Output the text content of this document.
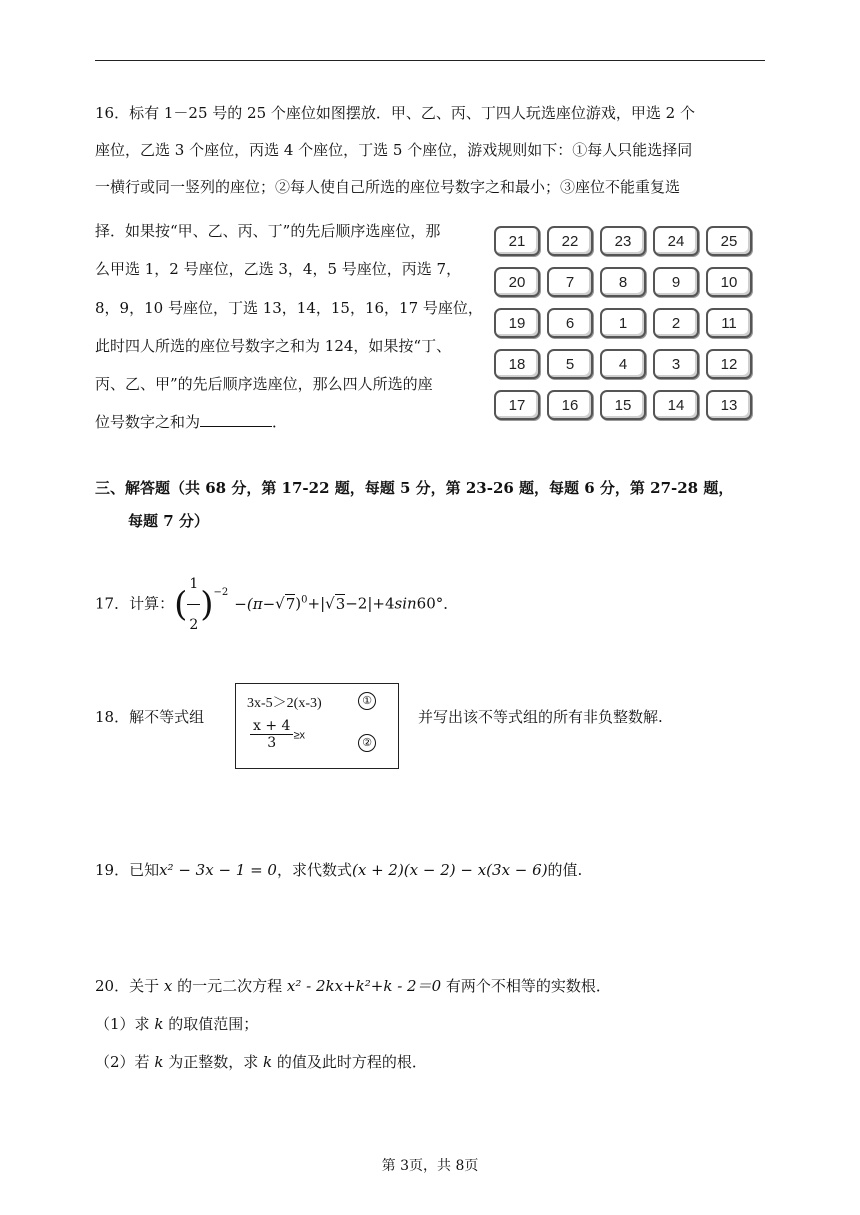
16．标有 1－25 号的 25 个座位如图摆放．甲、乙、丙、丁四人玩选座位游戏，甲选 2 个
座位，乙选 3 个座位，丙选 4 个座位，丁选 5 个座位，游戏规则如下：①每人只能选择同
一横行或同一竖列的座位；②每人使自己所选的座位号数字之和最小；③座位不能重复选
择．如果按“甲、乙、丙、丁”的先后顺序选座位，那
么甲选 1，2 号座位，乙选 3，4，5 号座位，丙选 7，
8，9，10 号座位，丁选 13，14，15，16，17 号座位，
此时四人所选的座位号数字之和为 124，如果按“丁、
丙、乙、甲”的先后顺序选座位，那么四人所选的座
位号数字之和为	．
21	22	23	24	25
20	7	8	9	10
19	6	1	2	11
18	5	4	3	12
17	16	15	14	13
三、解答题（共 68 分，第 17-22 题，每题 5 分，第 23-26 题，每题 6 分，第 27-28 题，
每题 7 分）
17．计算：( $\frac{1}{2} )^{-2}-(\pi-√7)^0+|√3-2|+4\sin 60^\circ$．
18．解不等式组
3x-5＞2(x-3)	①
$\frac{x + 4}{3} \ge x$
②
并写出该不等式组的所有非负整数解.
19．已知x² − 3x − 1 = 0，求代数式(x + 2)(x − 2) − x(3x − 6)的值.
20．关于 x 的一元二次方程 x² - 2kx+k²+k - 2＝0 有两个不相等的实数根．
（1）求 k 的取值范围；
（2）若 k 为正整数，求 k 的值及此时方程的根．
第 3页，共 8页
